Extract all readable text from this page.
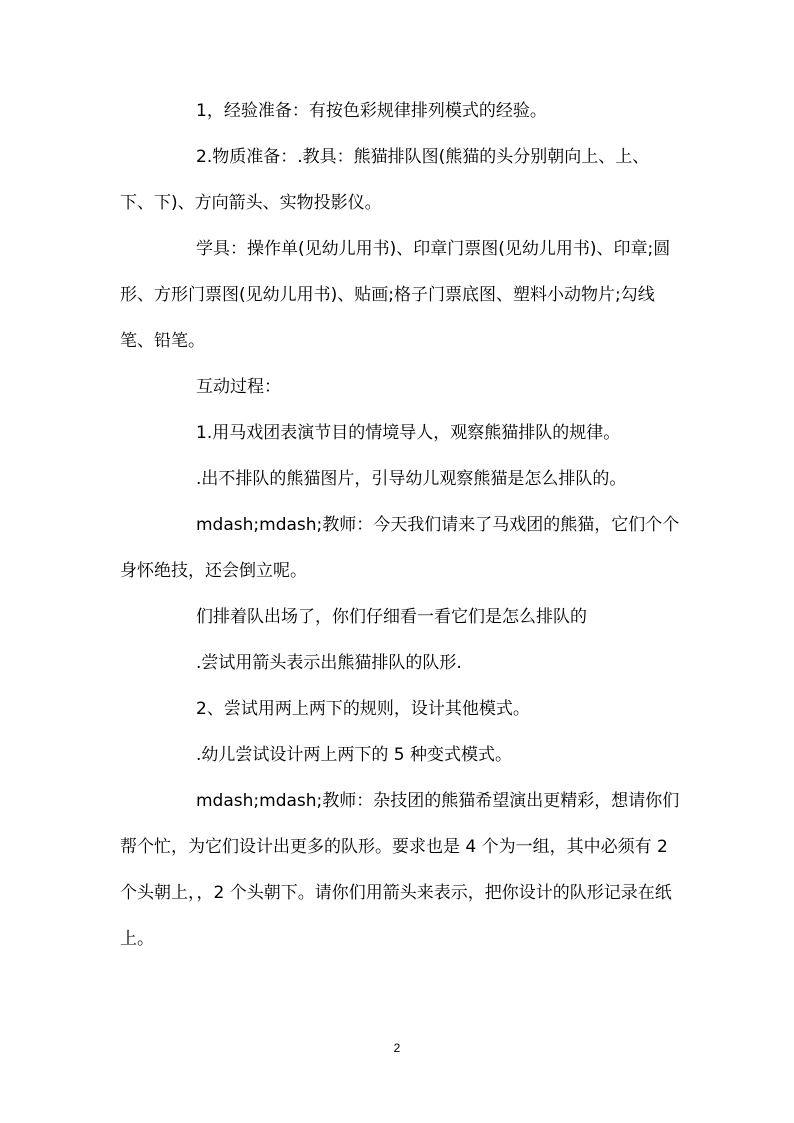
1，经验准备：有按色彩规律排列模式的经验。

2.物质准备：.教具：熊猫排队图(熊猫的头分别朝向上、上、下、下)、方向箭头、实物投影仪。

学具：操作单(见幼儿用书)、印章门票图(见幼儿用书)、印章;圆形、方形门票图(见幼儿用书)、贴画;格子门票底图、塑料小动物片;勾线笔、铅笔。

互动过程：

1.用马戏团表演节目的情境导人，观察熊猫排队的规律。

.出不排队的熊猫图片，引导幼儿观察熊猫是怎么排队的。

mdash;mdash;教师：今天我们请来了马戏团的熊猫，它们个个身怀绝技，还会倒立呢。

们排着队出场了，你们仔细看一看它们是怎么排队的

.尝试用箭头表示出熊猫排队的队形.

2、尝试用两上两下的规则，设计其他模式。

.幼儿尝试设计两上两下的 5 种变式模式。

mdash;mdash;教师：杂技团的熊猫希望演出更精彩，想请你们帮个忙，为它们设计出更多的队形。要求也是 4 个为一组，其中必须有 2 个头朝上，，2 个头朝下。请你们用箭头来表示，把你设计的队形记录在纸上。

2
